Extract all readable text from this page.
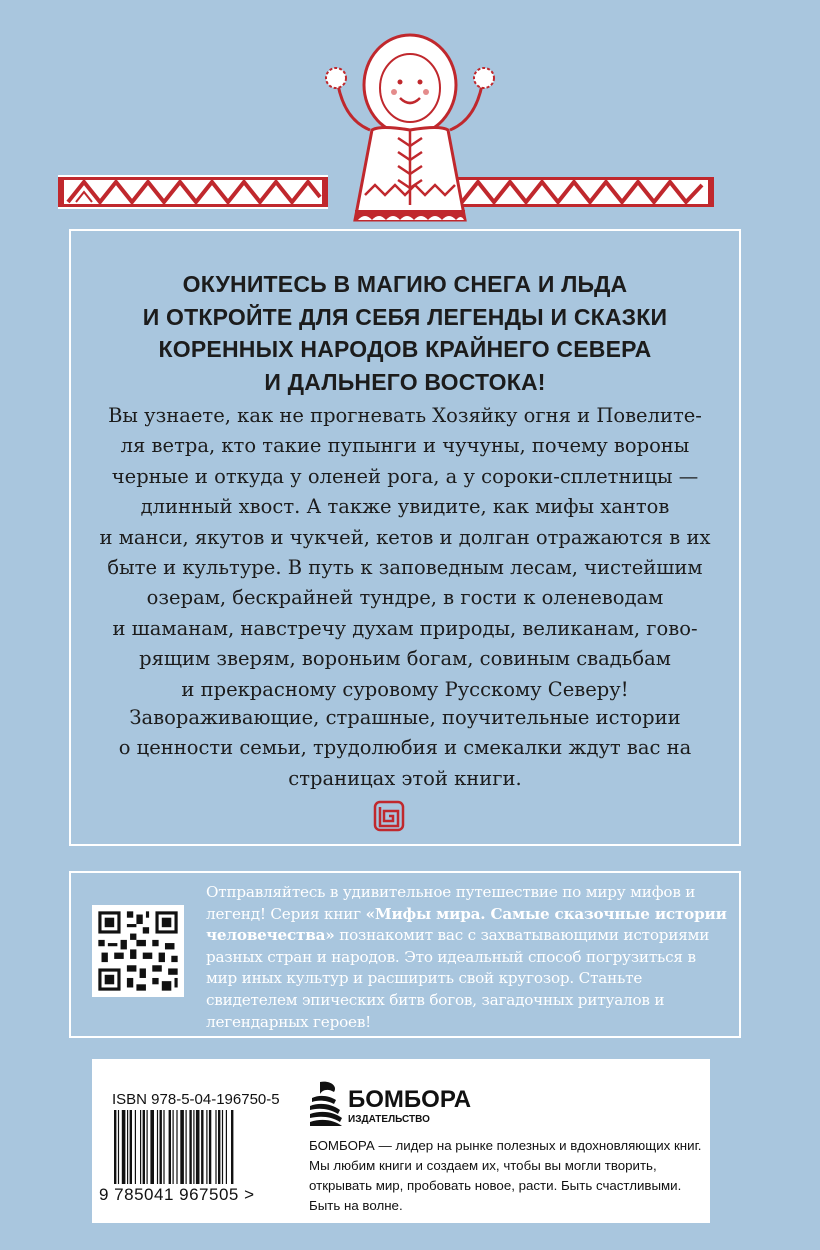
ОКУНИТЕСЬ В МАГИЮ СНЕГА И ЛЬДА
И ОТКРОЙТЕ ДЛЯ СЕБЯ ЛЕГЕНДЫ И СКАЗКИ
КОРЕННЫХ НАРОДОВ КРАЙНЕГО СЕВЕРА
И ДАЛЬНЕГО ВОСТОКА!
Вы узнаете, как не прогневать Хозяйку огня и Повелите-
ля ветра, кто такие пупынги и чучуны, почему вороны
черные и откуда у оленей рога, а у сороки-сплетницы —
длинный хвост. А также увидите, как мифы хантов
и манси, якутов и чукчей, кетов и долган отражаются в их
быте и культуре. В путь к заповедным лесам, чистейшим
озерам, бескрайней тундре, в гости к оленеводам
и шаманам, навстречу духам природы, великанам, гово-
рящим зверям, вороньим богам, совиным свадьбам
и прекрасному суровому Русскому Северу!
Завораживающие, страшные, поучительные истории
о ценности семьи, трудолюбия и смекалки ждут вас на
страницах этой книги.

Отправляйтесь в удивительное путешествие по миру мифов и легенд! Серия книг «Мифы мира. Самые сказочные истории человечества» познакомит вас с захватывающими историями разных стран и народов. Это идеальный способ погрузиться в мир иных культур и расширить свой кругозор. Станьте свидетелем эпических битв богов, загадочных ритуалов и легендарных героев!

ISBN 978-5-04-196750-5
9 785041 967505 >
БОМБОРА
ИЗДАТЕЛЬСТВО

БОМБОРА — лидер на рынке полезных и вдохновляющих книг. Мы любим книги и создаем их, чтобы вы могли творить, открывать мир, пробовать новое, расти. Быть счастливыми. Быть на волне.
